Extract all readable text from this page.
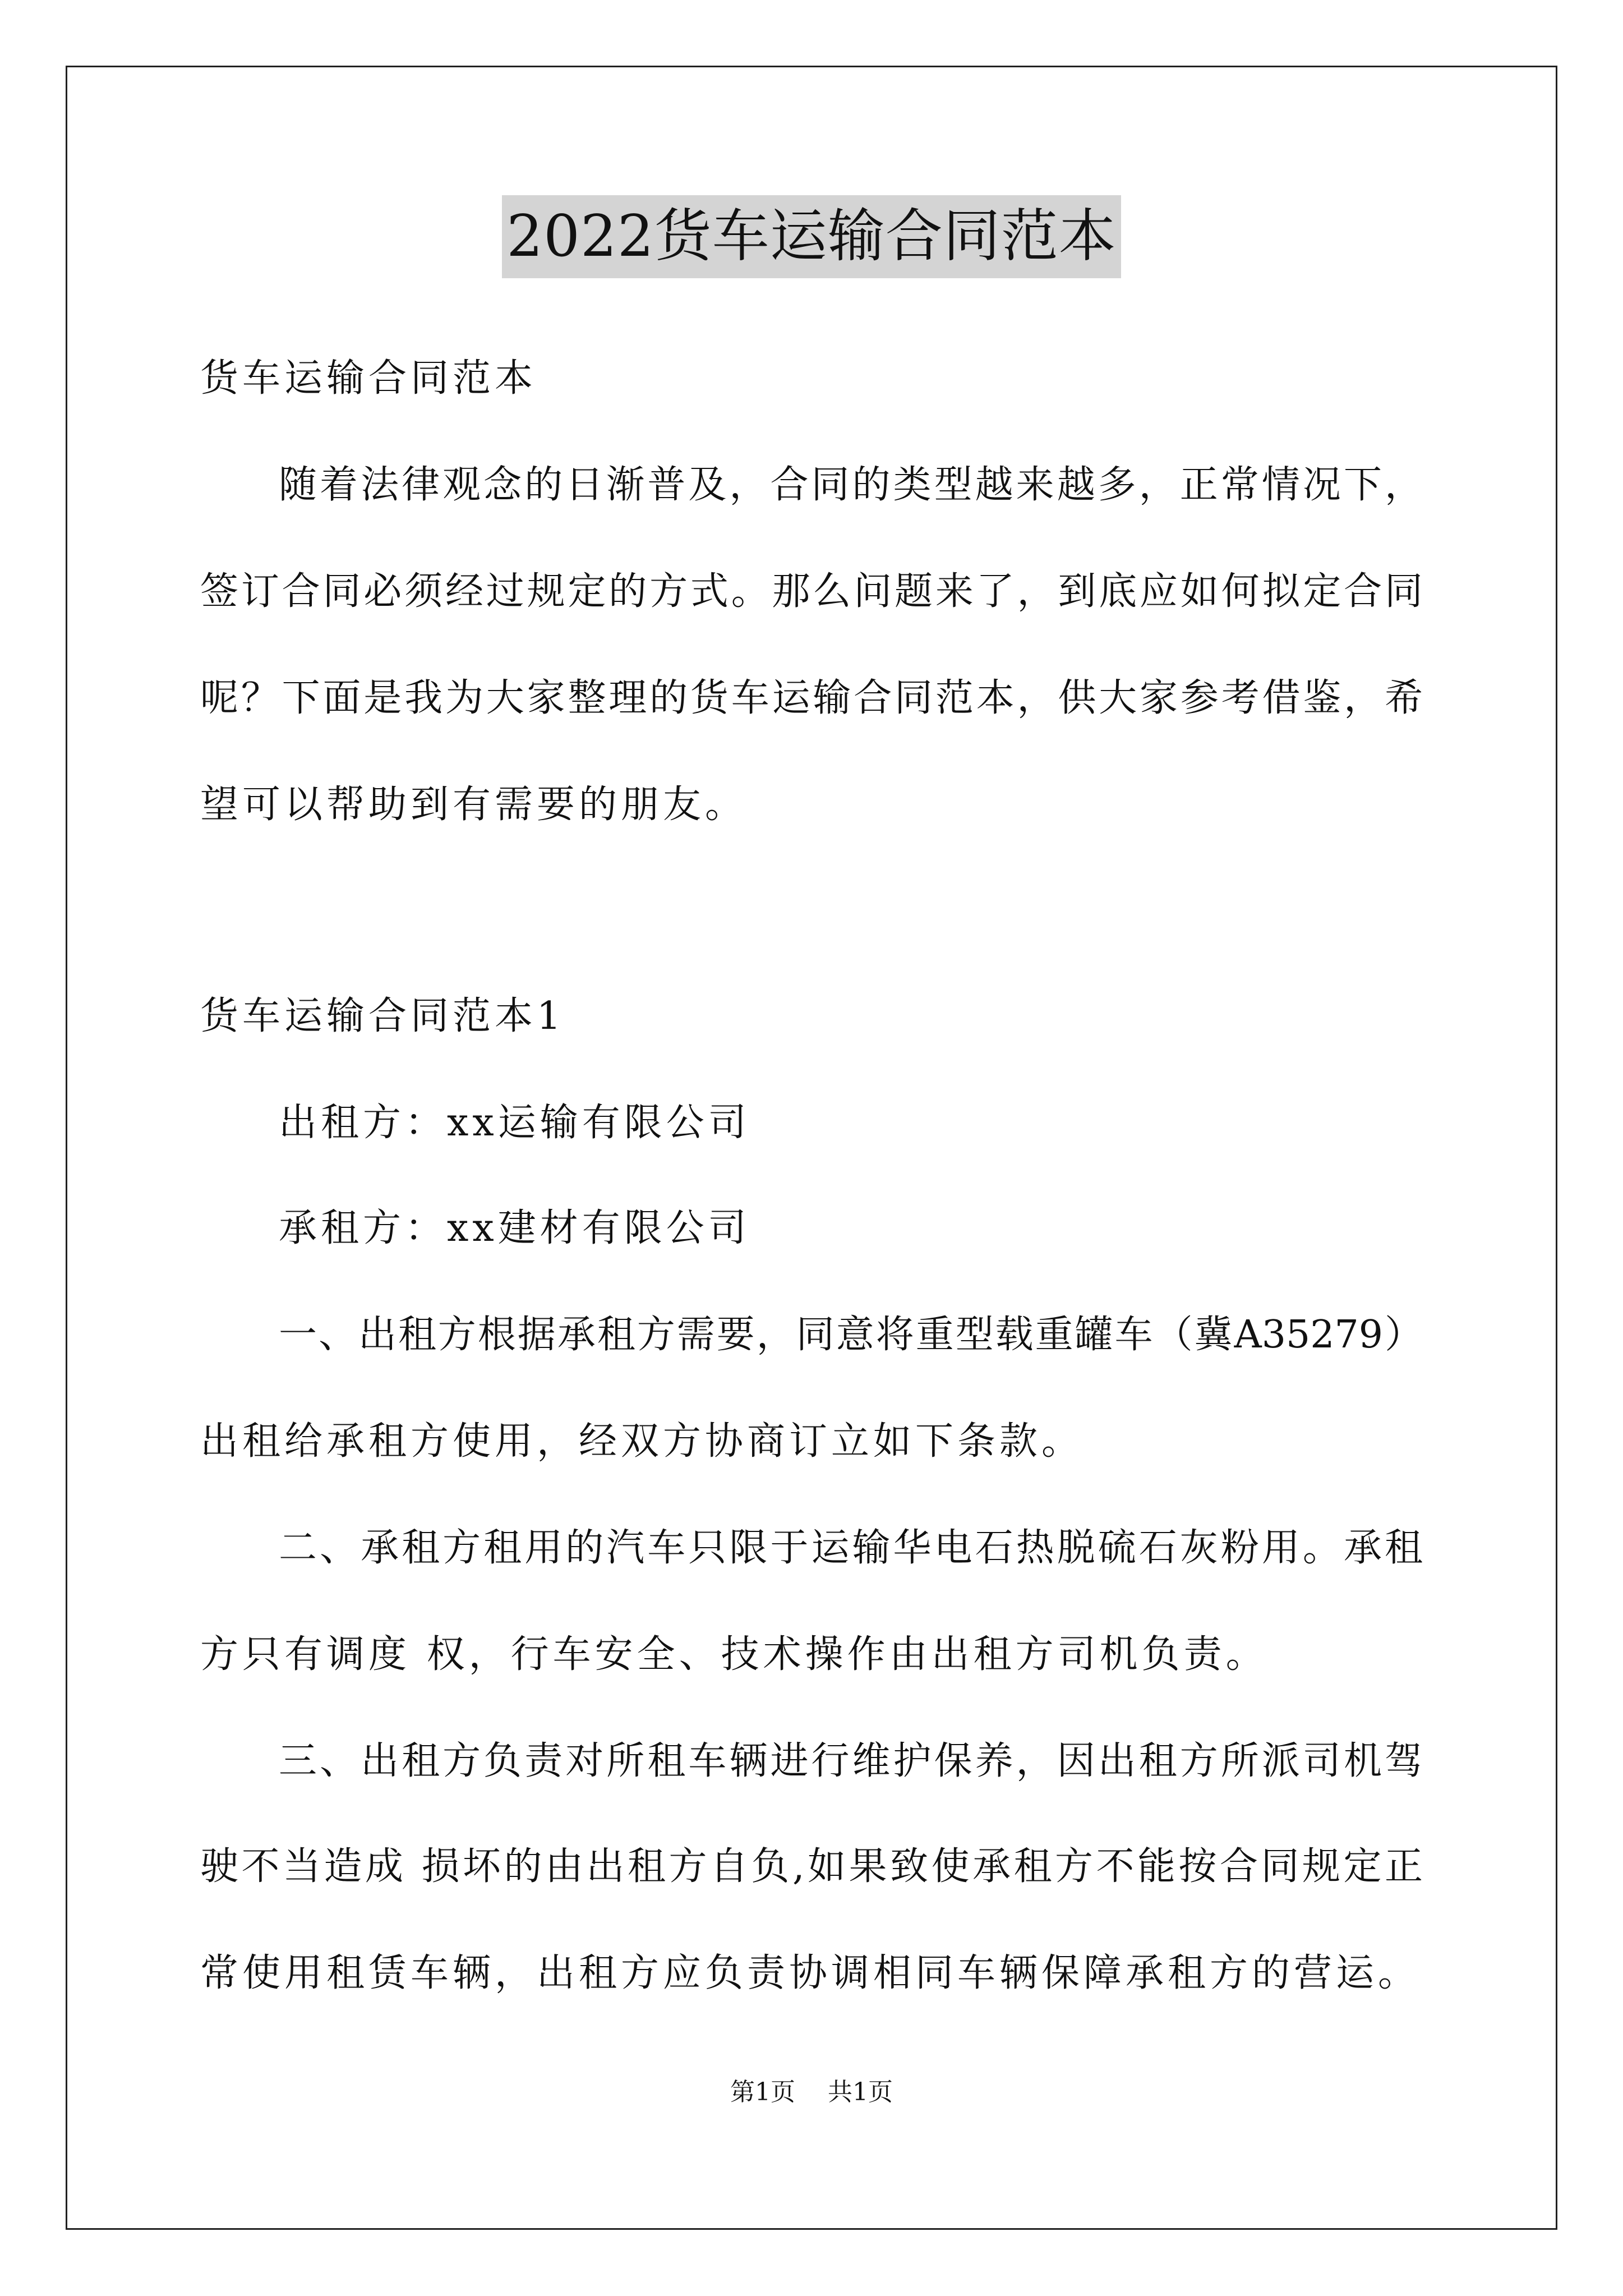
2022货车运输合同范本
货车运输合同范本
随着法律观念的日渐普及，合同的类型越来越多，正常情况下，
签订合同必须经过规定的方式。那么问题来了，到底应如何拟定合同
呢？下面是我为大家整理的货车运输合同范本，供大家参考借鉴，希
望可以帮助到有需要的朋友。
货车运输合同范本1
出租方：xx运输有限公司
承租方：xx建材有限公司
一、出租方根据承租方需要，同意将重型载重罐车（冀A35279）
出租给承租方使用，经双方协商订立如下条款。
二、承租方租用的汽车只限于运输华电石热脱硫石灰粉用。承租
方只有调度 权，行车安全、技术操作由出租方司机负责。
三、出租方负责对所租车辆进行维护保养，因出租方所派司机驾
驶不当造成 损坏的由出租方自负,如果致使承租方不能按合同规定正
常使用租赁车辆，出租方应负责协调相同车辆保障承租方的营运。
第1页 共1页
